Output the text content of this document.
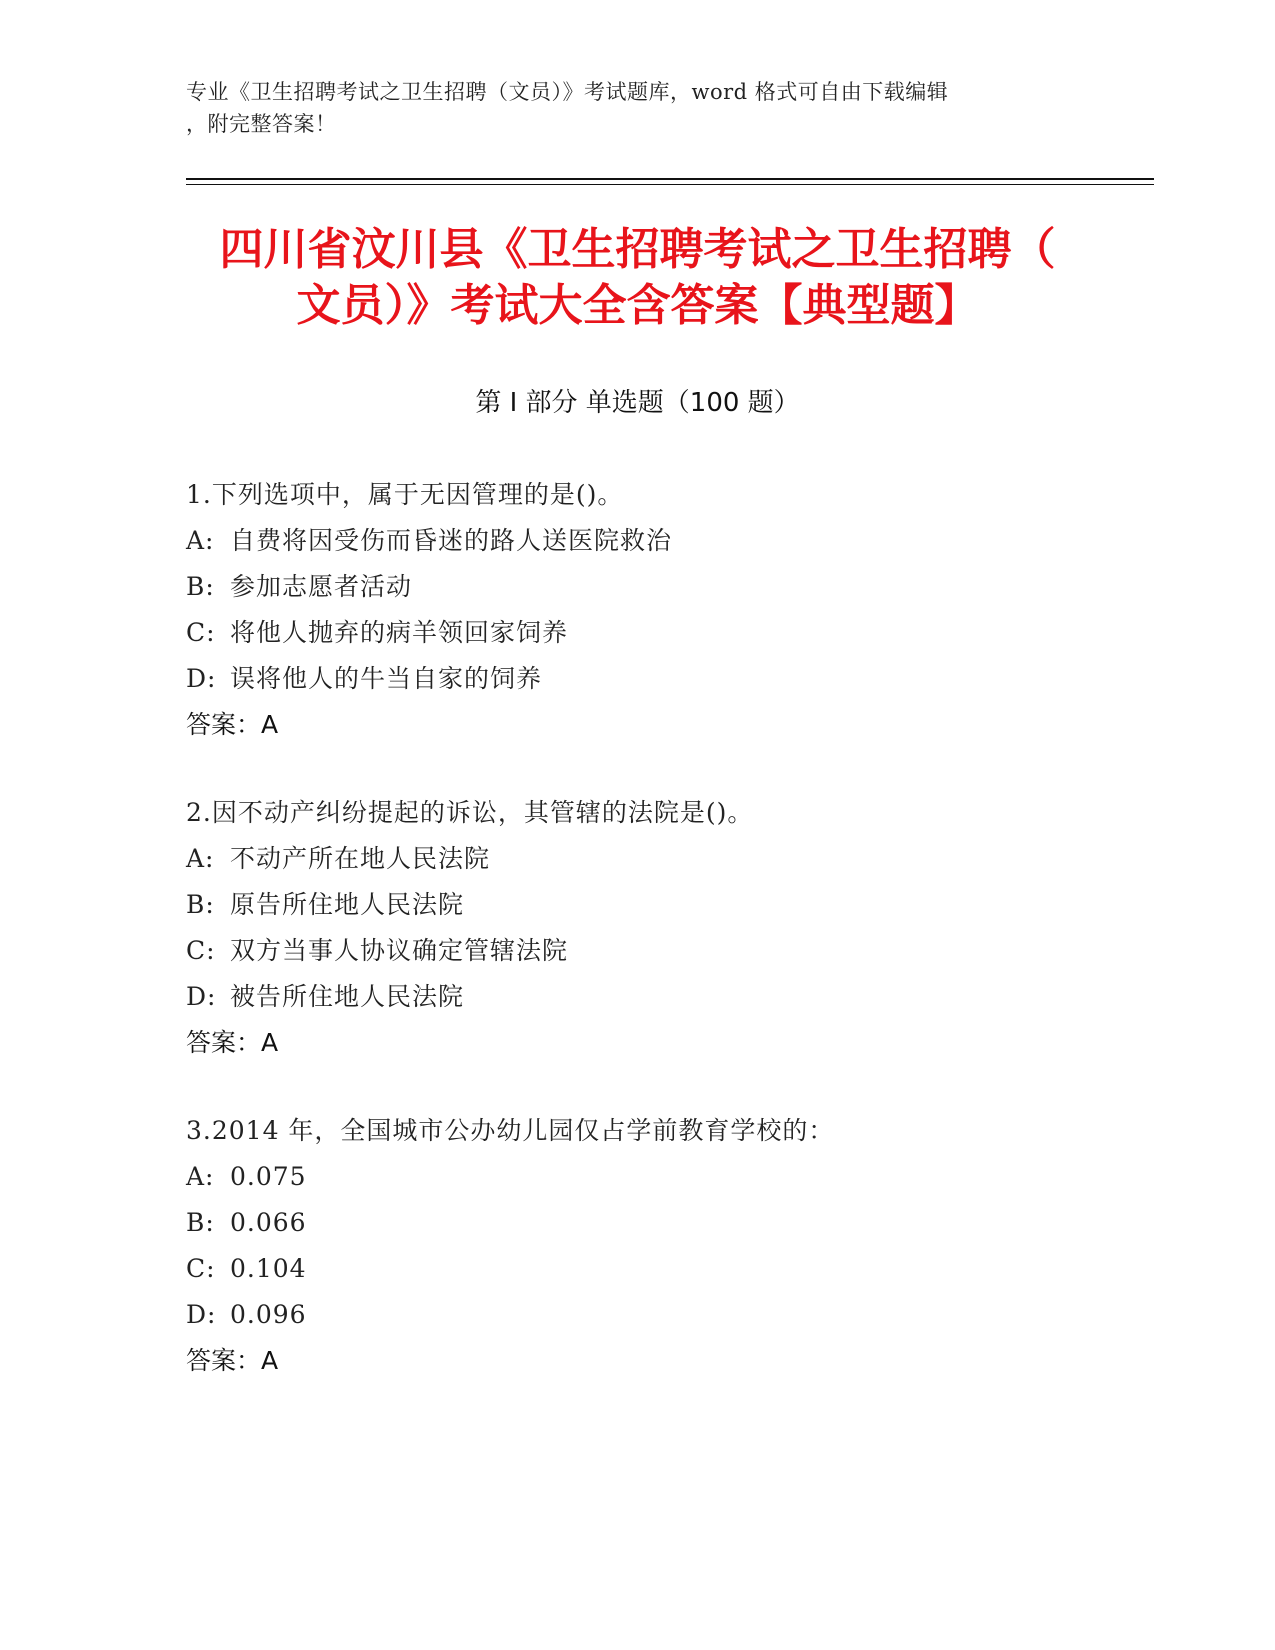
专业《卫生招聘考试之卫生招聘（文员）》考试题库，word 格式可自由下载编辑
，附完整答案！
四川省汶川县《卫生招聘考试之卫生招聘（
文员）》考试大全含答案【典型题】
第 I 部分 单选题（100 题）
1.下列选项中，属于无因管理的是()。
A: 自费将因受伤而昏迷的路人送医院救治
B: 参加志愿者活动
C: 将他人抛弃的病羊领回家饲养
D: 误将他人的牛当自家的饲养
答案：A
2.因不动产纠纷提起的诉讼，其管辖的法院是()。
A: 不动产所在地人民法院
B: 原告所住地人民法院
C: 双方当事人协议确定管辖法院
D: 被告所住地人民法院
答案：A
3.2014 年，全国城市公办幼儿园仅占学前教育学校的：
A: 0.075
B: 0.066
C: 0.104
D: 0.096
答案：A
